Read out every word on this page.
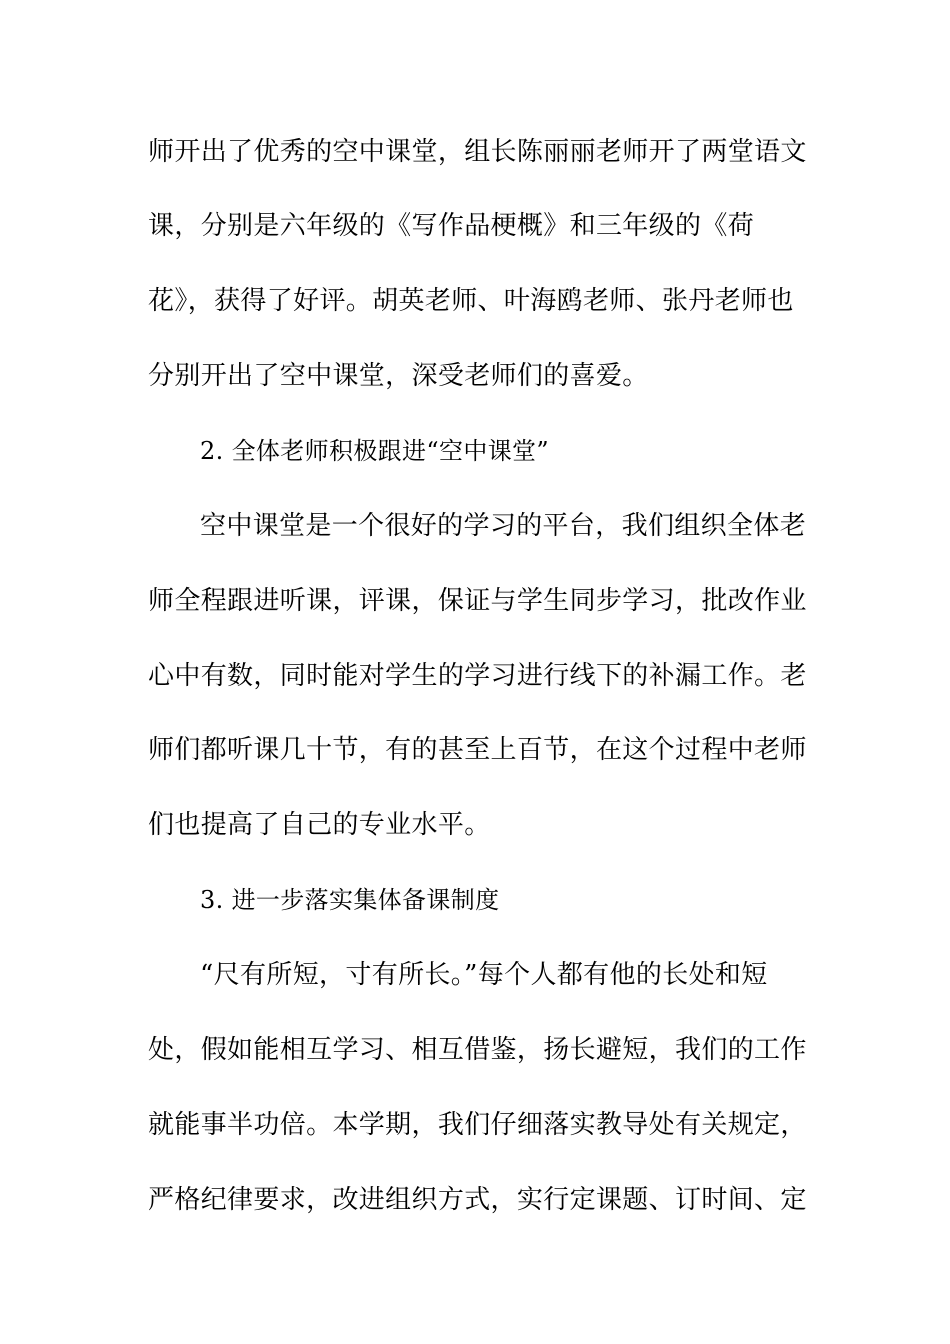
师开出了优秀的空中课堂，组长陈丽丽老师开了两堂语文
课，分别是六年级的《写作品梗概》和三年级的《荷
花》，获得了好评。胡英老师、叶海鸥老师、张丹老师也
分别开出了空中课堂，深受老师们的喜爱。
2. 全体老师积极跟进“空中课堂”
空中课堂是一个很好的学习的平台，我们组织全体老
师全程跟进听课，评课，保证与学生同步学习，批改作业
心中有数，同时能对学生的学习进行线下的补漏工作。老
师们都听课几十节，有的甚至上百节，在这个过程中老师
们也提高了自己的专业水平。
3. 进一步落实集体备课制度
“尺有所短，寸有所长。”每个人都有他的长处和短
处，假如能相互学习、相互借鉴，扬长避短，我们的工作
就能事半功倍。本学期，我们仔细落实教导处有关规定，
严格纪律要求，改进组织方式，实行定课题、订时间、定
